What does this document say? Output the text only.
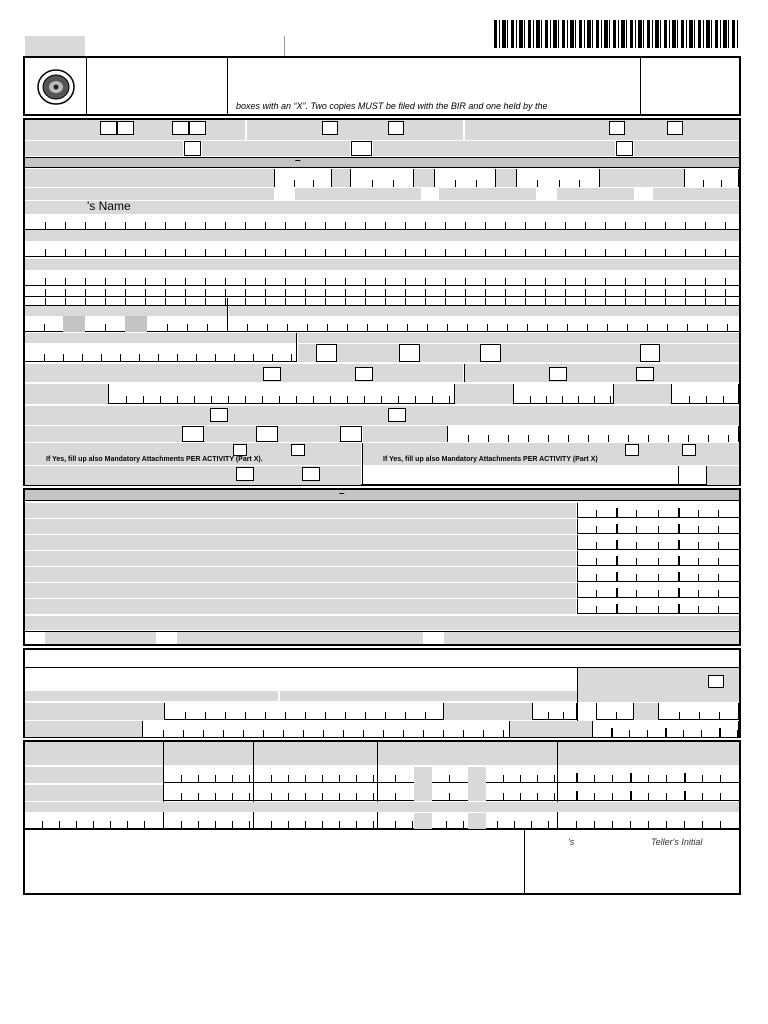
boxes with an “X”. Two copies MUST be filed with the BIR and one held by the
–
's Name
If Yes, fill up also Mandatory Attachments PER ACTIVITY (Part X).	If Yes, fill up also Mandatory Attachments PER ACTIVITY (Part X)
–
's	Teller's Initial
